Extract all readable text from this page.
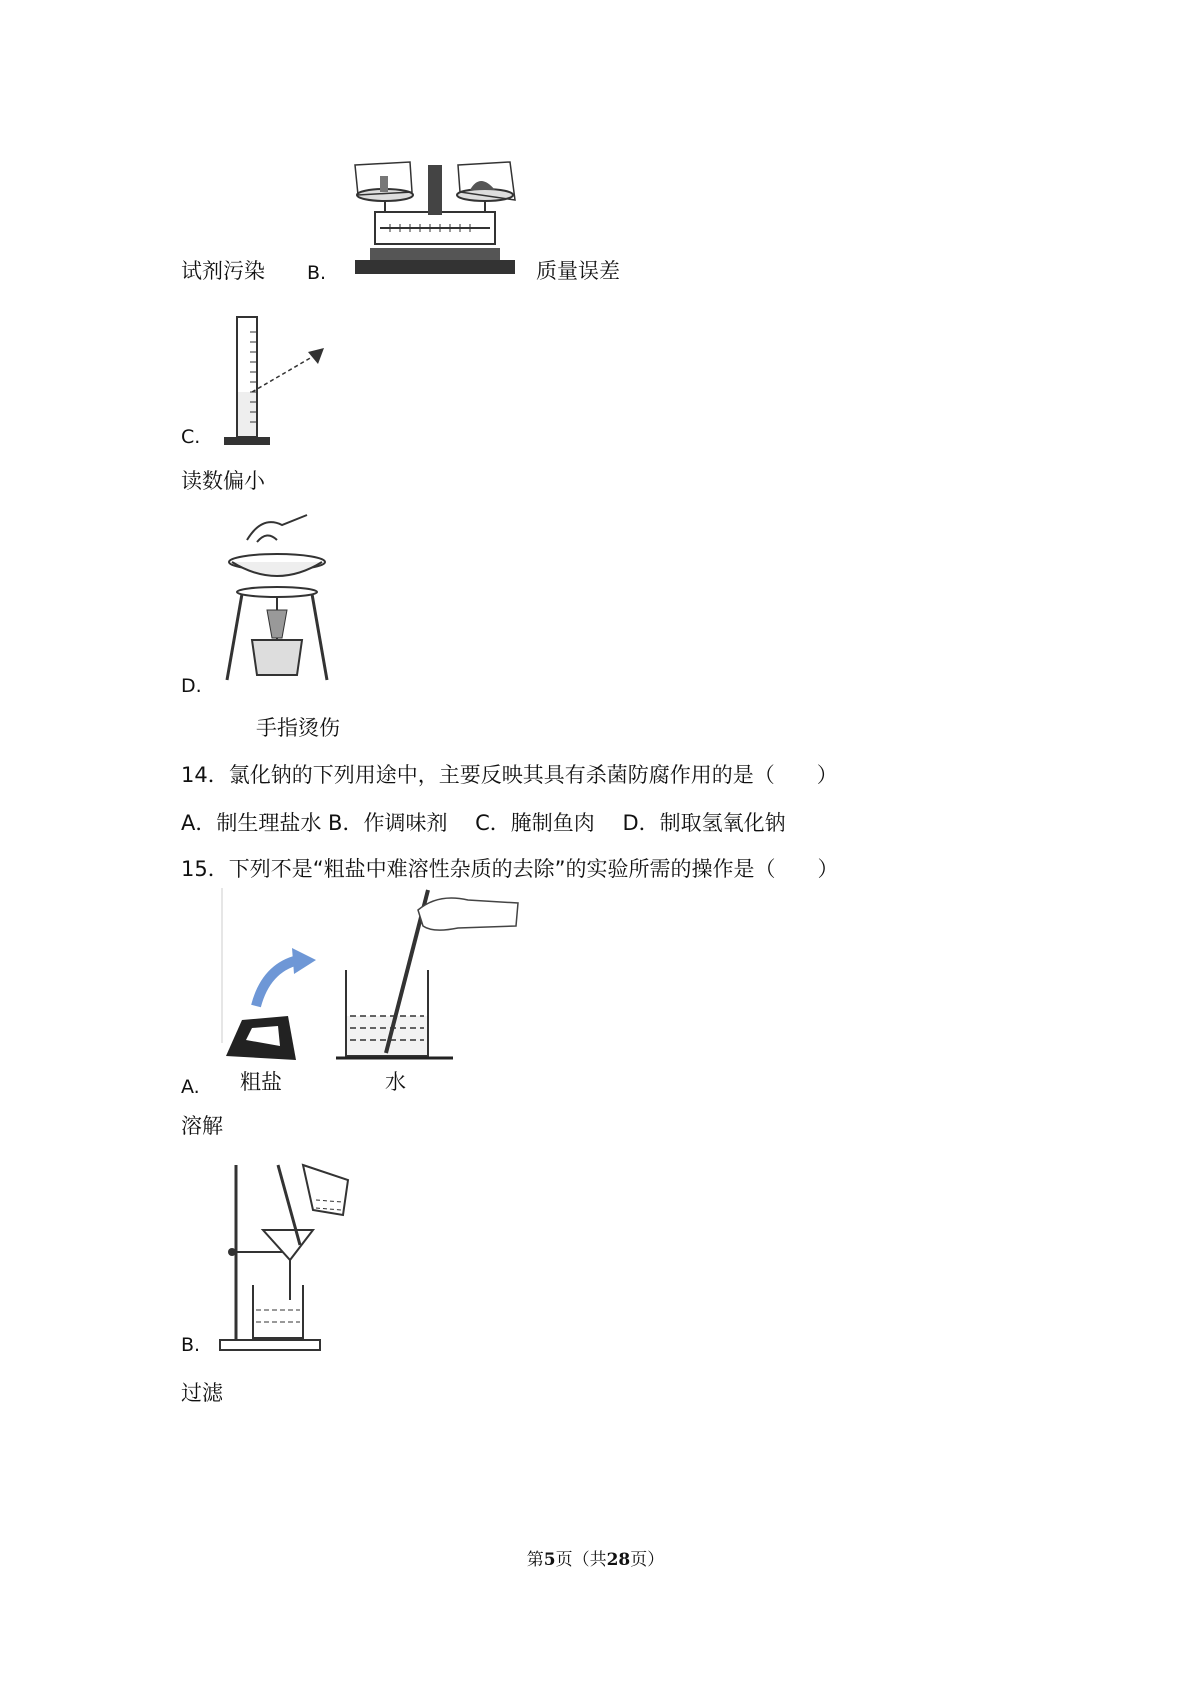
试剂污染 B.	质量误差
C.
读数偏小
D.
手指烫伤
14．氯化钠的下列用途中，主要反映其具有杀菌防腐作用的是（　　）
A．制生理盐水 B．作调味剂　 C．腌制鱼肉　 D．制取氢氧化钠
15．下列不是“粗盐中难溶性杂质的去除”的实验所需的操作是（　　）
A. 粗盐	水
溶解
B.
过滤
第5页（共28页）
